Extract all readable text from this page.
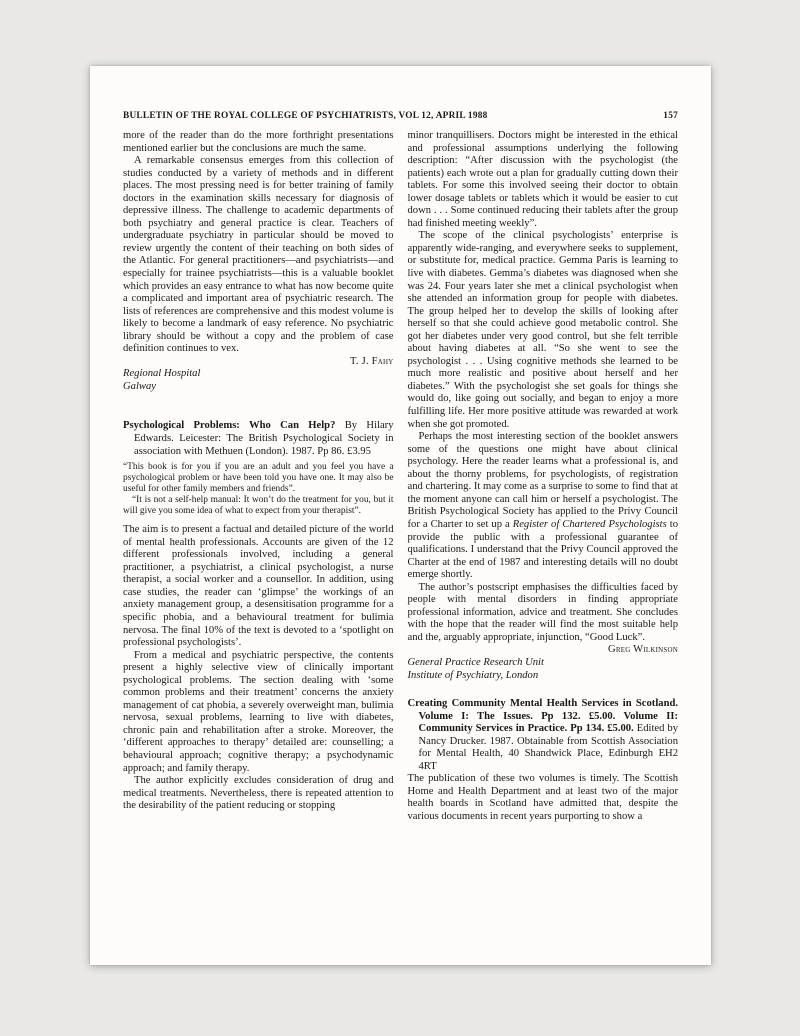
BULLETIN OF THE ROYAL COLLEGE OF PSYCHIATRISTS, VOL 12, APRIL 1988	157

more of the reader than do the more forthright presentations mentioned earlier but the conclusions are much the same.

A remarkable consensus emerges from this collection of studies conducted by a variety of methods and in different places. The most pressing need is for better training of family doctors in the examination skills necessary for diagnosis of depressive illness. The challenge to academic departments of both psychiatry and general practice is clear. Teachers of undergraduate psychiatry in particular should be moved to review urgently the content of their teaching on both sides of the Atlantic. For general practitioners—and psychiatrists—and especially for trainee psychiatrists—this is a valuable booklet which provides an easy entrance to what has now become quite a complicated and important area of psychiatric research. The lists of references are comprehensive and this modest volume is likely to become a landmark of easy reference. No psychiatric library should be without a copy and the problem of case definition continues to vex.

T. J. Fahy

Regional Hospital

Galway

Psychological Problems: Who Can Help? By Hilary Edwards. Leicester: The British Psychological Society in association with Methuen (London). 1987. Pp 86. £3.95

“This book is for you if you are an adult and you feel you have a psychological problem or have been told you have one. It may also be useful for other family members and friends”.

“It is not a self-help manual: It won’t do the treatment for you, but it will give you some idea of what to expect from your therapist”.

The aim is to present a factual and detailed picture of the world of mental health professionals. Accounts are given of the 12 different professionals involved, including a general practitioner, a psychiatrist, a clinical psychologist, a nurse therapist, a social worker and a counsellor. In addition, using case studies, the reader can ‘glimpse’ the workings of an anxiety management group, a desensitisation programme for a specific phobia, and a behavioural treatment for bulimia nervosa. The final 10% of the text is devoted to a ‘spotlight on professional psychologists’.

From a medical and psychiatric perspective, the contents present a highly selective view of clinically important psychological problems. The section dealing with ‘some common problems and their treatment’ concerns the anxiety management of cat phobia, a severely overweight man, bulimia nervosa, sexual problems, learning to live with diabetes, chronic pain and rehabilitation after a stroke. Moreover, the ‘different approaches to therapy’ detailed are: counselling; a behavioural approach; cognitive therapy; a psychodynamic approach; and family therapy.

The author explicitly excludes consideration of drug and medical treatments. Nevertheless, there is repeated attention to the desirability of the patient reducing or stopping

minor tranquillisers. Doctors might be interested in the ethical and professional assumptions underlying the following description: “After discussion with the psychologist (the patients) each wrote out a plan for gradually cutting down their tablets. For some this involved seeing their doctor to obtain lower dosage tablets or tablets which it would be easier to cut down . . . Some continued reducing their tablets after the group had finished meeting weekly”.

The scope of the clinical psychologists’ enterprise is apparently wide-ranging, and everywhere seeks to supplement, or substitute for, medical practice. Gemma Paris is learning to live with diabetes. Gemma’s diabetes was diagnosed when she was 24. Four years later she met a clinical psychologist when she attended an information group for people with diabetes. The group helped her to develop the skills of looking after herself so that she could achieve good metabolic control. She got her diabetes under very good control, but she felt terrible about having diabetes at all. “So she went to see the psychologist . . . Using cognitive methods she learned to be much more realistic and positive about herself and her diabetes.” With the psychologist she set goals for things she would do, like going out socially, and began to enjoy a more fulfilling life. Her more positive attitude was rewarded at work when she got promoted.

Perhaps the most interesting section of the booklet answers some of the questions one might have about clinical psychology. Here the reader learns what a professional is, and about the thorny problems, for psychologists, of registration and chartering. It may come as a surprise to some to find that at the moment anyone can call him or herself a psychologist. The British Psychological Society has applied to the Privy Council for a Charter to set up a Register of Chartered Psychologists to provide the public with a professional guarantee of qualifications. I understand that the Privy Council approved the Charter at the end of 1987 and interesting details will no doubt emerge shortly.

The author’s postscript emphasises the difficulties faced by people with mental disorders in finding appropriate professional information, advice and treatment. She concludes with the hope that the reader will find the most suitable help and the, arguably appropriate, injunction, “Good Luck”.

Greg Wilkinson

General Practice Research Unit

Institute of Psychiatry, London

Creating Community Mental Health Services in Scotland. Volume I: The Issues. Pp 132. £5.00. Volume II: Community Services in Practice. Pp 134. £5.00. Edited by Nancy Drucker. 1987. Obtainable from Scottish Association for Mental Health, 40 Shandwick Place, Edinburgh EH2 4RT

The publication of these two volumes is timely. The Scottish Home and Health Department and at least two of the major health boards in Scotland have admitted that, despite the various documents in recent years purporting to show a
